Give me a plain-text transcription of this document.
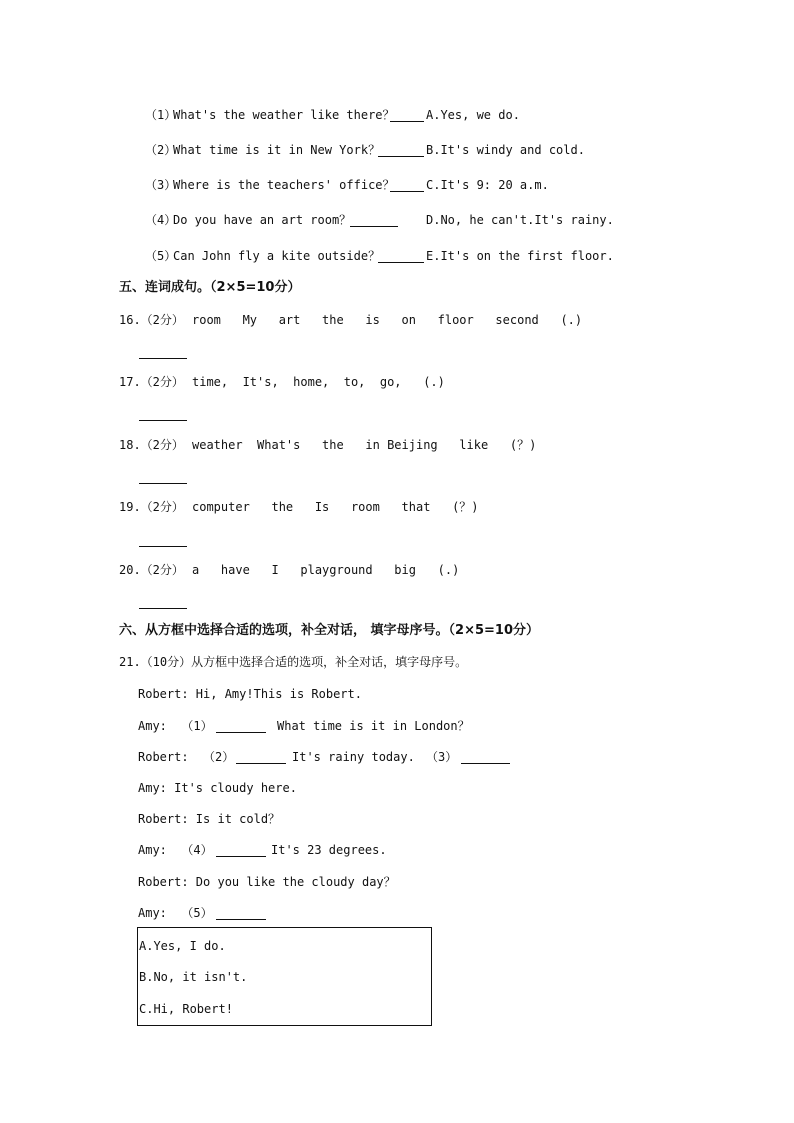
（1）
What's the weather like there？	A.Yes, we do.
（2）
What time is it in New York？	B.It's windy and cold.
（3）
Where is the teachers' office？	C.It's 9: 20 a.m.
（4）
Do you have an art room？	D.No, he can't.It's rainy.
（5）
Can John fly a kite outside？	E.It's on the first floor.
五、连词成句。（2×5=10分）
16.（2分） room   My   art   the   is   on   floor   second   (.)
17.（2分） time,  It's,  home,  to,  go,   (.)
18.（2分） weather  What's   the   in Beijing   like   (？)
19.（2分） computer   the   Is   room   that   (？)
20.（2分） a   have   I   playground   big   (.)
六、从方框中选择合适的选项，补全对话， 填字母序号。（2×5=10分）
21.（10分）从方框中选择合适的选项，补全对话，填字母序号。
Robert: Hi, Amy!This is Robert.
Amy:  （1）	What time is it in London？
Robert:  （2）	It's rainy today. （3）
Amy: It's cloudy here.
Robert: Is it cold？
Amy:  （4）	It's 23 degrees.
Robert: Do you like the cloudy day？
Amy:  （5）
A.Yes, I do.
B.No, it isn't.
C.Hi, Robert!
